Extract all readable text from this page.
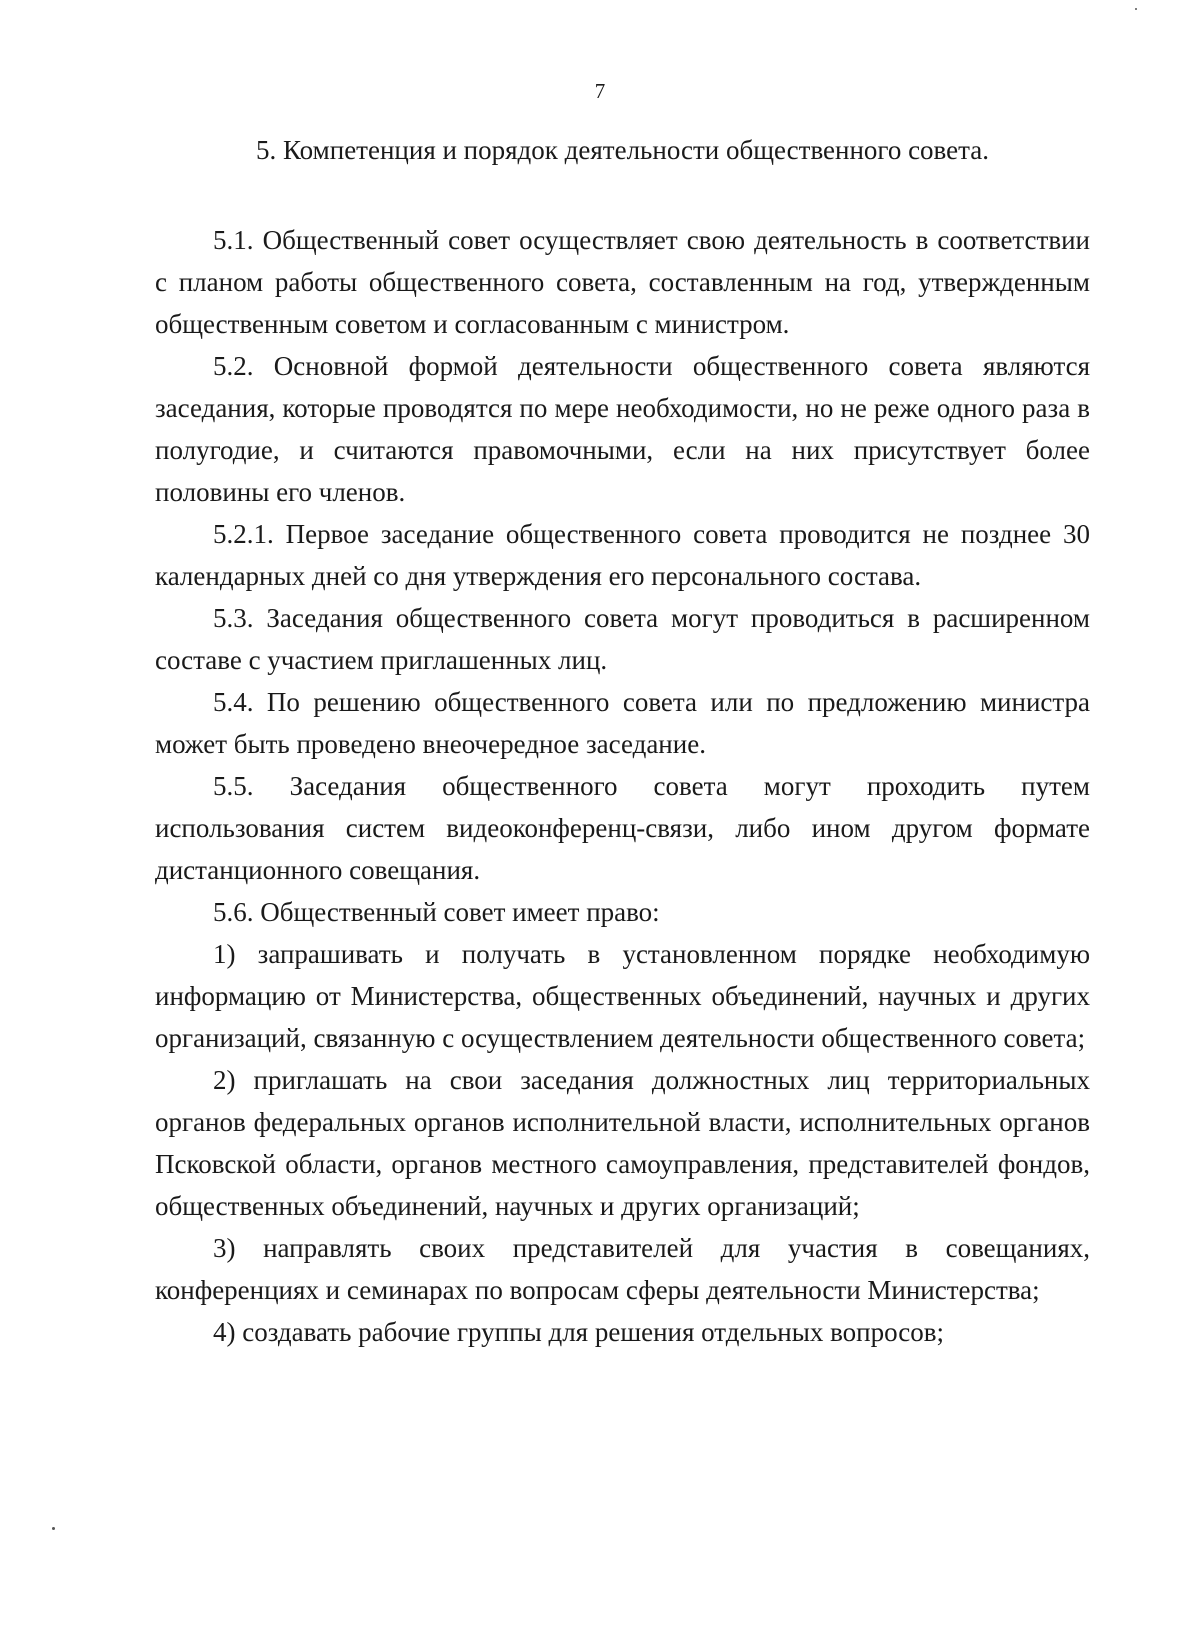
7
5. Компетенция и порядок деятельности общественного совета.

5.1. Общественный совет осуществляет свою деятельность в соответствии с планом работы общественного совета, составленным на год, утвержденным общественным советом и согласованным с министром.

5.2. Основной формой деятельности общественного совета являются заседания, которые проводятся по мере необходимости, но не реже одного раза в полугодие, и считаются правомочными, если на них присутствует более половины его членов.

5.2.1. Первое заседание общественного совета проводится не позднее 30 календарных дней со дня утверждения его персонального состава.

5.3. Заседания общественного совета могут проводиться в расширенном составе с участием приглашенных лиц.

5.4. По решению общественного совета или по предложению министра может быть проведено внеочередное заседание.

5.5. Заседания общественного совета могут проходить путем использования систем видеоконференц-связи, либо ином другом формате дистанционного совещания.

5.6. Общественный совет имеет право:

1) запрашивать и получать в установленном порядке необходимую информацию от Министерства, общественных объединений, научных и других организаций, связанную с осуществлением деятельности общественного совета;

2) приглашать на свои заседания должностных лиц территориальных органов федеральных органов исполнительной власти, исполнительных органов Псковской области, органов местного самоуправления, представителей фондов, общественных объединений, научных и других организаций;

3) направлять своих представителей для участия в совещаниях, конференциях и семинарах по вопросам сферы деятельности Министерства;

4) создавать рабочие группы для решения отдельных вопросов;
